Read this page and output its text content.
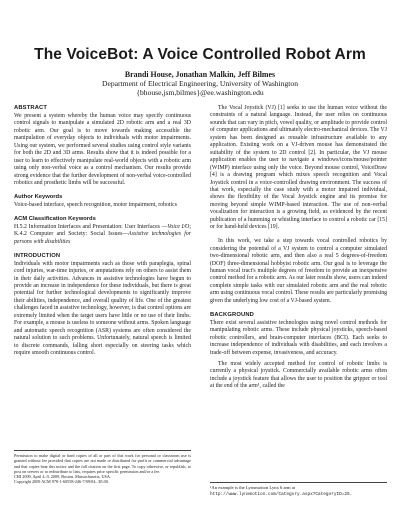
The VoiceBot: A Voice Controlled Robot Arm
Brandi House, Jonathan Malkin, Jeff Bilmes
Department of Electrical Engineering, University of Washington
{bhouse,jsm,bilmes}@ee.washington.edu
ABSTRACT

We present a system whereby the human voice may specify continuous control signals to manipulate a simulated 2D robotic arm and a real 3D robotic arm. Our goal is to move towards making accessible the manipulation of everyday objects to individuals with motor impairments. Using our system, we performed several studies using control style variants for both the 2D and 3D arms. Results show that it is indeed possible for a user to learn to effectively manipulate real-world objects with a robotic arm using only non-verbal voice as a control mechanism. Our results provide strong evidence that the further development of non-verbal voice-controlled robotics and prosthetic limbs will be successful.

Author Keywords

Voice-based interface, speech recognition, motor impairment, robotics

ACM Classification Keywords

H.5.2 Information Interfaces and Presentation: User Interfaces —Voice I/O; K.4.2 Computer and Society: Social Issues—Assistive technologies for persons with disabilities

INTRODUCTION

Individuals with motor impairments such as those with paraplegia, spinal cord injuries, war-time injuries, or amputations rely on others to assist them in their daily activities. Advances in assistive technologies have begun to provide an increase in independence for these individuals, but there is great potential for further technological developments to significantly improve their abilities, independence, and overall quality of life. One of the greatest challenges faced in assistive technology, however, is that control options are extremely limited when the target users have little or no use of their limbs. For example, a mouse is useless to someone without arms. Spoken language and automatic speech recognition (ASR) systems are often considered the natural solution to such problems. Unfortunately, natural speech is limited to discrete commands, falling short especially on steering tasks which require smooth continuous control.

Permission to make digital or hard copies of all or part of this work for personal or classroom use is granted without fee provided that copies are not made or distributed for profit or commercial advantage and that copies bear this notice and the full citation on the first page. To copy otherwise, or republish, to post on servers or to redistribute to lists, requires prior specific permission and/or a fee.

CHI 2009, April 4–9, 2009, Boston, Massachusetts, USA.

Copyright 2009 ACM 978-1-60558-246-7/09/04...$5.00.

The Vocal Joystick (VJ) [1] seeks to use the human voice without the constraints of a natural language. Instead, the user relies on continuous sounds that can vary in pitch, vowel quality, or amplitude to provide control of computer applications and ultimately electro-mechanical devices. The VJ system has been designed as reusable infrastructure available to any application. Existing work on a VJ-driven mouse has demonstrated the suitability of the system to 2D control [2]. In particular, the VJ mouse application enables the user to navigate a windows/icons/mouse/pointer (WIMP) interface using only the voice. Beyond mouse control, VoiceDraw [4] is a drawing program which mixes speech recognition and Vocal Joystick control in a voice-controlled drawing environment. The success of that work, especially the case study with a motor impaired individual, shows the flexibility of the Vocal Joystick engine and its promise for moving beyond simple WIMP-based interaction. The use of non-verbal vocalization for interaction is a growing field, as evidenced by the recent publication of a humming or whistling interface to control a robotic car [15] or for hand-held devices [19].

In this work, we take a step towards vocal controlled robotics by considering the potential of a VJ system to control a computer simulated two-dimensional robotic arm, and then also a real 5 degrees-of-freedom (DOF) three-dimensional hobbyist robotic arm. Our goal is to leverage the human vocal tract's multiple degrees of freedom to provide an inexpensive control method for a robotic arm. As our later results show, users can indeed complete simple tasks with our simulated robotic arm and the real robotic arm using continuous vocal control. These results are particularly promising given the underlying low cost of a VJ-based system.

BACKGROUND

There exist several assistive technologies using novel control methods for manipulating robotic arms. These include physical joysticks, speech-based robotic controllers, and brain-computer interfaces (BCI). Each seeks to increase independence of individuals with disabilities, and each involves a trade-off between expense, invasiveness, and accuracy.

The most widely accepted method for control of robotic limbs is currently a physical joystick. Commercially available robotic arms often include a joystick feature that allows the user to position the gripper or tool at the end of the arm¹, called the

¹An example is the Lynxmotion Lynx 6 arm at
http://www.lynxmotion.com/Category.aspx?CategoryID=25.
